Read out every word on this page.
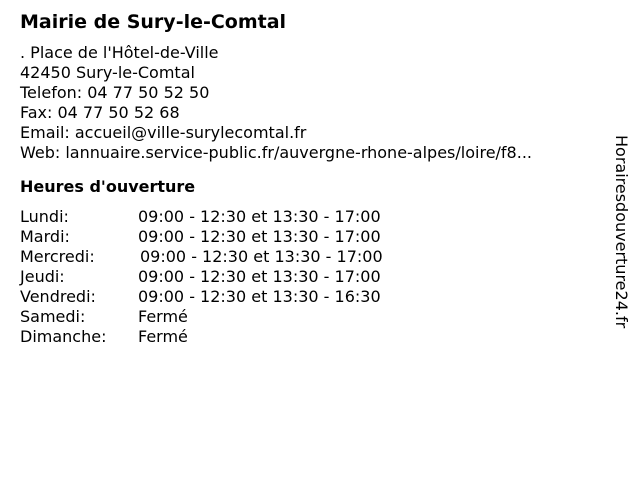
Mairie de Sury-le-Comtal
. Place de l'Hôtel-de-Ville
42450 Sury-le-Comtal
Telefon: 04 77 50 52 50
Fax: 04 77 50 52 68
Email: accueil@ville-surylecomtal.fr
Web: lannuaire.service-public.fr/auvergne-rhone-alpes/loire/f8...
Heures d'ouverture
Lundi:	09:00 - 12:30 et 13:30 - 17:00
Mardi:	09:00 - 12:30 et 13:30 - 17:00
Mercredi:	09:00 - 12:30 et 13:30 - 17:00
Jeudi:	09:00 - 12:30 et 13:30 - 17:00
Vendredi:	09:00 - 12:30 et 13:30 - 16:30
Samedi:	Fermé
Dimanche: Fermé
Horairesdouverture24.fr
